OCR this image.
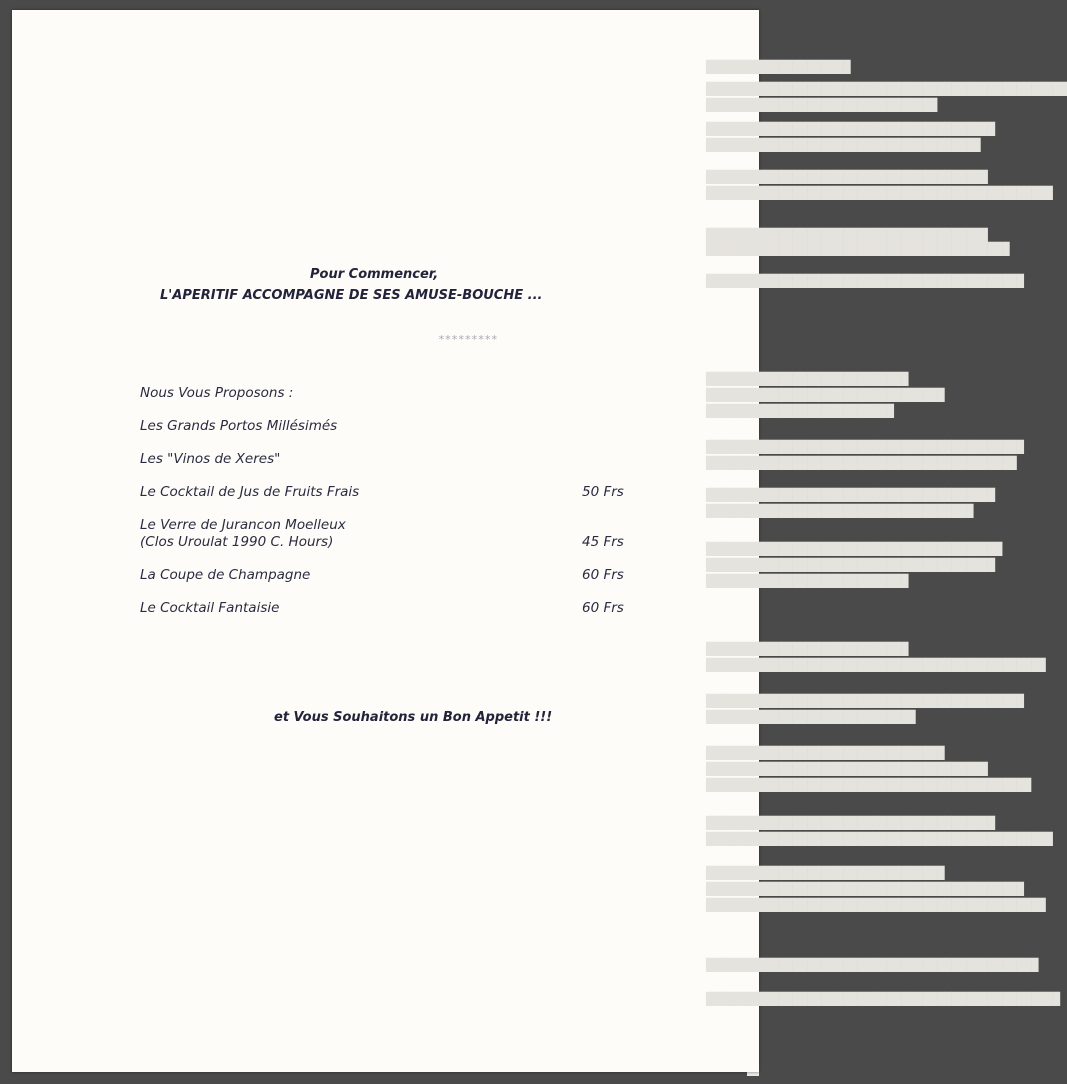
████████████████████
██████████████████████████████████████████████████
████████████████████████████████
████████████████████████████████████████
██████████████████████████████████████
███████████████████████████████████████
████████████████████████████████████████████████
███████████████████████████████████████
██████████████████████████████████████████
████████████████████████████████████████████
████████████████████████████
█████████████████████████████████
██████████████████████████
████████████████████████████████████████████
███████████████████████████████████████████
████████████████████████████████████████
█████████████████████████████████████
█████████████████████████████████████████
████████████████████████████████████████
████████████████████████████
████████████████████████████
███████████████████████████████████████████████
████████████████████████████████████████████
█████████████████████████████
█████████████████████████████████
███████████████████████████████████████
█████████████████████████████████████████████
████████████████████████████████████████
████████████████████████████████████████████████
█████████████████████████████████
████████████████████████████████████████████
███████████████████████████████████████████████
██████████████████████████████████████████████
█████████████████████████████████████████████████
Pour Commencer,
L'APERITIF ACCOMPAGNE DE SES AMUSE-BOUCHE ...
*********
Nous Vous Proposons :
Les Grands Portos Millésimés
Les "Vinos de Xeres"
Le Cocktail de Jus de Fruits Frais	50 Frs
Le Verre de Jurancon Moelleux
(Clos Uroulat 1990 C. Hours)	45 Frs
La Coupe de Champagne	60 Frs
Le Cocktail Fantaisie	60 Frs
et Vous Souhaitons un Bon Appetit !!!
